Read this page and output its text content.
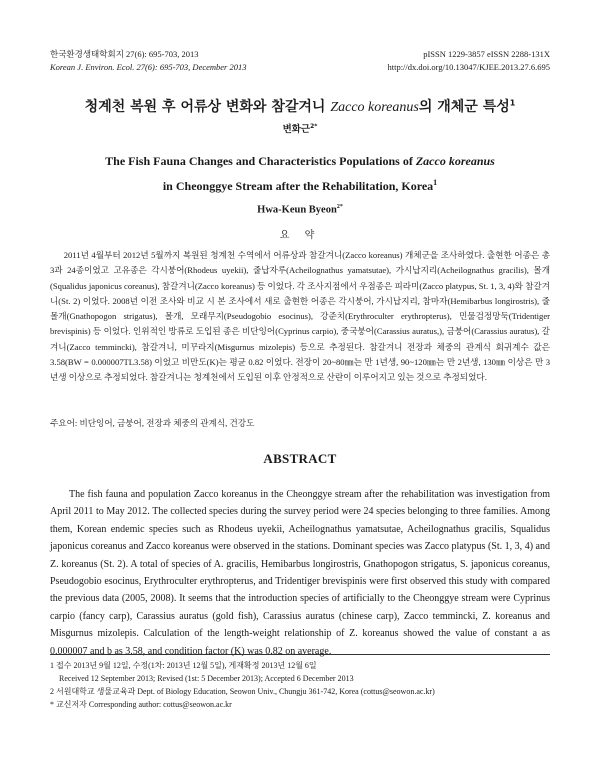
한국환경생태학회지 27(6): 695-703, 2013
Korean J. Environ. Ecol. 27(6): 695-703, December 2013
pISSN 1229-3857 eISSN 2288-131X
http://dx.doi.org/10.13047/KJEE.2013.27.6.695
청계천 복원 후 어류상 변화와 참갈겨니 Zacco koreanus의 개체군 특성$^1$
변화근$^{2*}$
The Fish Fauna Changes and Characteristics Populations of Zacco koreanus
in Cheonggye Stream after the Rehabilitation, Korea$^1$
Hwa-Keun Byeon$^{2*}$
요 약
2011년 4월부터 2012년 5월까지 복원된 청계천 수역에서 어류상과 참갈겨니(Zacco koreanus) 개체군을 조사하였다. 출현한 어종은 총 3과 24종이었고 고유종은 각시붕어(Rhodeus uyekii), 줄납자루(Acheilognathus yamatsutae), 가시납지리(Acheilognathus gracilis), 몰개(Squalidus japonicus coreanus), 참갈겨니(Zacco koreanus) 등 이었다. 각 조사지점에서 우점종은 피라미(Zacco platypus, St. 1, 3, 4)와 참갈겨니(St. 2) 이었다. 2008년 이전 조사와 비교 시 본 조사에서 새로 출현한 어종은 각시붕어, 가시납지리, 참마자(Hemibarbus longirostris), 줄몰개(Gnathopogon strigatus), 몰개, 모래무지(Pseudogobio esocinus), 강준치(Erythroculter erythropterus), 민물검정망둑(Tridentiger brevispinis) 등 이었다. 인위적인 방류로 도입된 종은 비단잉어(Cyprinus carpio), 중국붕어(Carassius auratus,), 금붕어(Carassius auratus), 갈겨니(Zacco temmincki), 참갈겨니, 미꾸라지(Misgurnus mizolepis) 등으로 추정된다. 참갈겨니 전장과 체중의 관계식 회귀계수 값은 3.58(BW = 0.000007TL3.58) 이었고 비만도(K)는 평균 0.82 이었다. 전장이 20~80㎜는 만 1년생, 90~120㎜는 만 2년생, 130㎜ 이상은 만 3년생 이상으로 추정되었다. 참갈겨니는 청계천에서 도입된 이후 안정적으로 산란이 이루어지고 있는 것으로 추정되었다.
주요어: 비단잉어, 금붕어, 전장과 체중의 관계식, 건강도
ABSTRACT
The fish fauna and population Zacco koreanus in the Cheonggye stream after the rehabilitation was investigation from April 2011 to May 2012. The collected species during the survey period were 24 species belonging to three families. Among them, Korean endemic species such as Rhodeus uyekii, Acheilognathus yamatsutae, Acheilognathus gracilis, Squalidus japonicus coreanus and Zacco koreanus were observed in the stations. Dominant species was Zacco platypus (St. 1, 3, 4) and Z. koreanus (St. 2). A total of species of A. gracilis, Hemibarbus longirostris, Gnathopogon strigatus, S. japonicus coreanus, Pseudogobio esocinus, Erythroculter erythropterus, and Tridentiger brevispinis were first observed this study with compared the previous data (2005, 2008). It seems that the introduction species of artificially to the Cheonggye stream were Cyprinus carpio (fancy carp), Carassius auratus (gold fish), Carassius auratus (chinese carp), Zacco temmincki, Z. koreanus and Misgurnus mizolepis. Calculation of the length-weight relationship of Z. koreanus showed the value of constant a as 0.000007 and b as 3.58, and condition factor (K) was 0.82 on average.
1 접수 2013년 9월 12일, 수정(1차: 2013년 12월 5일), 게재확정 2013년 12월 6일
Received 12 September 2013; Revised (1st: 5 December 2013); Accepted 6 December 2013
2 서원대학교 생물교육과 Dept. of Biology Education, Seowon Univ., Chungju 361-742, Korea (cottus@seowon.ac.kr)
* 교신저자 Corresponding author: cottus@seowon.ac.kr
